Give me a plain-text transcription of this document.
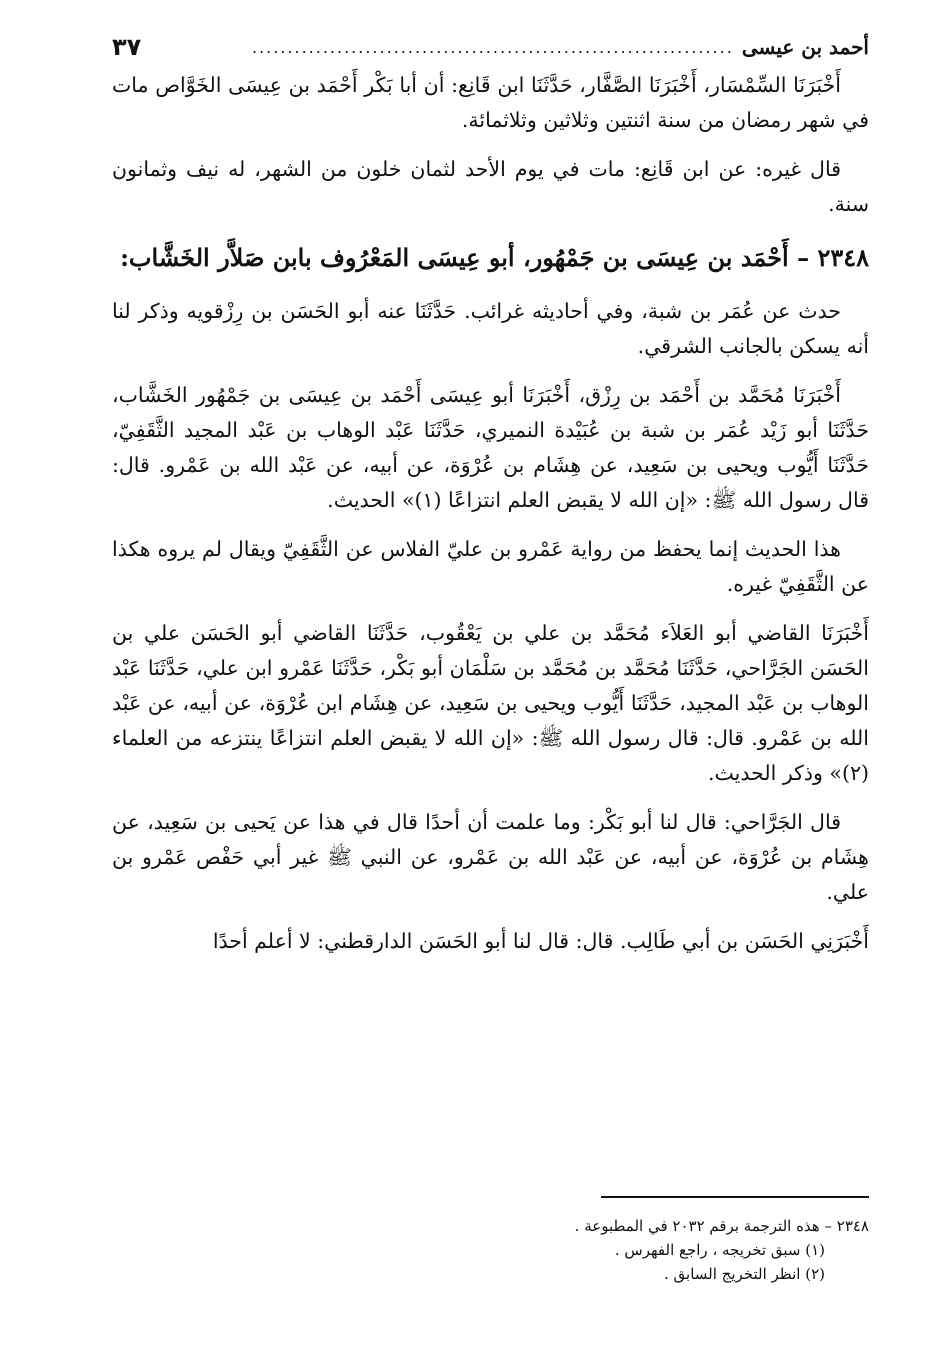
أحمد بن عيسى
....................................................................
٣٧

أَخْبَرَنَا السِّمْسَار، أَخْبَرَنَا الصَّفَّار، حَدَّثَنَا ابن قَانِع: أن أبا بَكْر أَحْمَد بن عِيسَى الخَوَّاص مات في شهر رمضان من سنة اثنتين وثلاثين وثلاثمائة.

قال غيره: عن ابن قَانِع: مات في يوم الأحد لثمان خلون من الشهر، له نيف وثمانون سنة.

٢٣٤٨ – أَحْمَد بن عِيسَى بن جَمْهُور، أبو عِيسَى المَعْرُوف بابن صَلاَّر الخَشَّاب:

حدث عن عُمَر بن شبة، وفي أحاديثه غرائب. حَدَّثَنَا عنه أبو الحَسَن بن رِزْقويه وذكر لنا أنه يسكن بالجانب الشرقي.

أَخْبَرَنَا مُحَمَّد بن أَحْمَد بن رِزْق، أَخْبَرَنَا أبو عِيسَى أَحْمَد بن عِيسَى بن جَمْهُور الخَشَّاب، حَدَّثَنَا أبو زَيْد عُمَر بن شبة بن عُبَيْدة النميري، حَدَّثَنَا عَبْد الوهاب بن عَبْد المجيد الثَّقَفِيّ، حَدَّثَنَا أَيُّوب ويحيى بن سَعِيد، عن هِشَام بن عُرْوَة، عن أبيه، عن عَبْد الله بن عَمْرو. قال: قال رسول الله ﷺ: «إن الله لا يقبض العلم انتزاعًا (١)» الحديث.

هذا الحديث إنما يحفظ من رواية عَمْرو بن عليّ الفلاس عن الثَّقَفِيّ ويقال لم يروه هكذا عن الثَّقَفِيّ غيره.

أَخْبَرَنَا القاضي أبو العَلاَء مُحَمَّد بن علي بن يَعْقُوب، حَدَّثَنَا القاضي أبو الحَسَن علي بن الحَسَن الجَرَّاحي، حَدَّثَنَا مُحَمَّد بن مُحَمَّد بن سَلْمَان أبو بَكْر، حَدَّثَنَا عَمْرو ابن علي، حَدَّثَنَا عَبْد الوهاب بن عَبْد المجيد، حَدَّثَنَا أَيُّوب ويحيى بن سَعِيد، عن هِشَام ابن عُرْوَة، عن أبيه، عن عَبْد الله بن عَمْرو. قال: قال رسول الله ﷺ: «إن الله لا يقبض العلم انتزاعًا ينتزعه من العلماء (٢)» وذكر الحديث.

قال الجَرَّاحي: قال لنا أبو بَكْر: وما علمت أن أحدًا قال في هذا عن يَحيى بن سَعِيد، عن هِشَام بن عُرْوَة، عن أبيه، عن عَبْد الله بن عَمْرو، عن النبي ﷺ غير أبي حَفْص عَمْرو بن علي.

أَخْبَرَنِي الحَسَن بن أبي طَالِب. قال: قال لنا أبو الحَسَن الدارقطني: لا أعلم أحدًا

٢٣٤٨ – هذه الترجمة برقم ٢٠٣٢ في المطبوعة .

(١) سبق تخريجه ، راجع الفهرس .

(٢) انظر التخريج السابق .
